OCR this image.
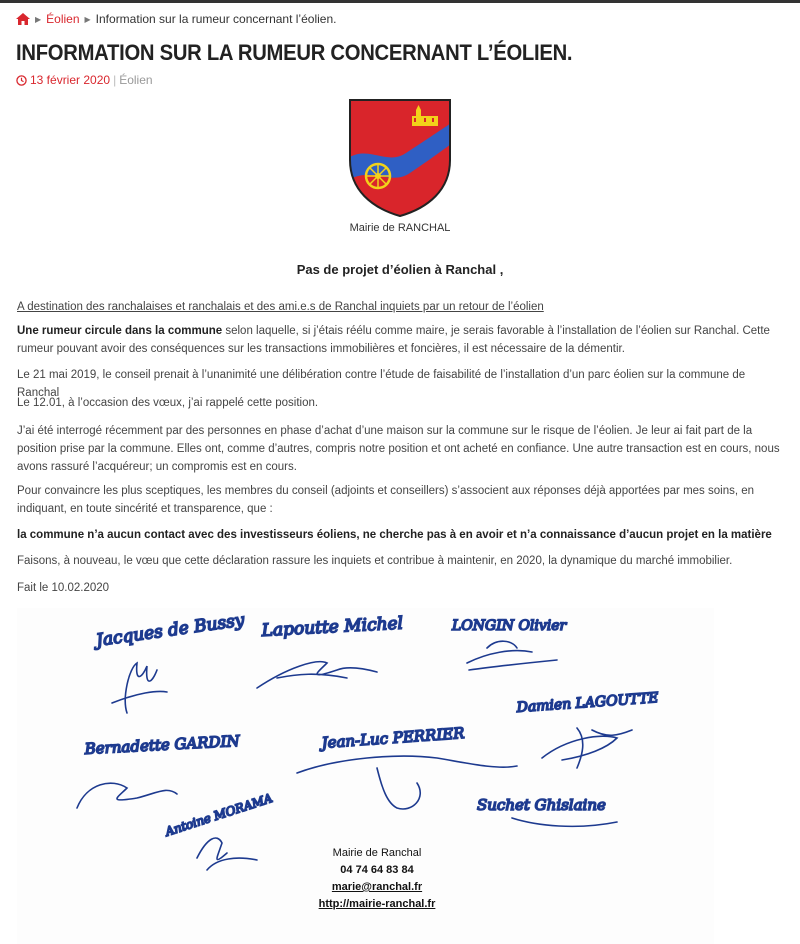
▶ Éolien ▶ Information sur la rumeur concernant l’éolien.
INFORMATION SUR LA RUMEUR CONCERNANT L’ÉOLIEN.
13 février 2020 | Éolien
Mairie de RANCHAL
Pas de projet d’éolien à Ranchal ,

A destination des ranchalaises et ranchalais et des ami.e.s de Ranchal inquiets par un retour de l’éolien

Une rumeur circule dans la commune selon laquelle, si j’étais réélu comme maire, je serais favorable à l’installation de l’éolien sur Ranchal. Cette rumeur pouvant avoir des conséquences sur les transactions immobilières et foncières, il est nécessaire de la démentir.

Le 21 mai 2019, le conseil prenait à l’unanimité une délibération contre l’étude de faisabilité de l’installation d’un parc éolien sur la commune de Ranchal

Le 12.01, à l’occasion des vœux, j’ai rappelé cette position.

J’ai été interrogé récemment par des personnes en phase d’achat d’une maison sur la commune sur le risque de l’éolien. Je leur ai fait part de la position prise par la commune. Elles ont, comme d’autres, compris notre position et ont acheté en confiance. Une autre transaction est en cours, nous avons rassuré l’acquéreur; un compromis est en cours.

Pour convaincre les plus sceptiques, les membres du conseil (adjoints et conseillers) s’associent aux réponses déjà apportées par mes soins, en indiquant, en toute sincérité et transparence, que :

la commune n’a aucun contact avec des investisseurs éoliens, ne cherche pas à en avoir et n’a connaissance d’aucun projet en la matière

Faisons, à nouveau, le vœu que cette déclaration rassure les inquiets et contribue à maintenir, en 2020, la dynamique du marché immobilier.

Fait le 10.02.2020

Jacques de Bussy Lapoutte Michel	LONGIN Olivier
Damien LAGOUTTE
Bernadette GARDIN	Jean-Luc PERRIER
Antoine MORAMA	Suchet Ghislaine
Mairie de Ranchal
04 74 64 83 84
marie@ranchal.fr
http://mairie-ranchal.fr
